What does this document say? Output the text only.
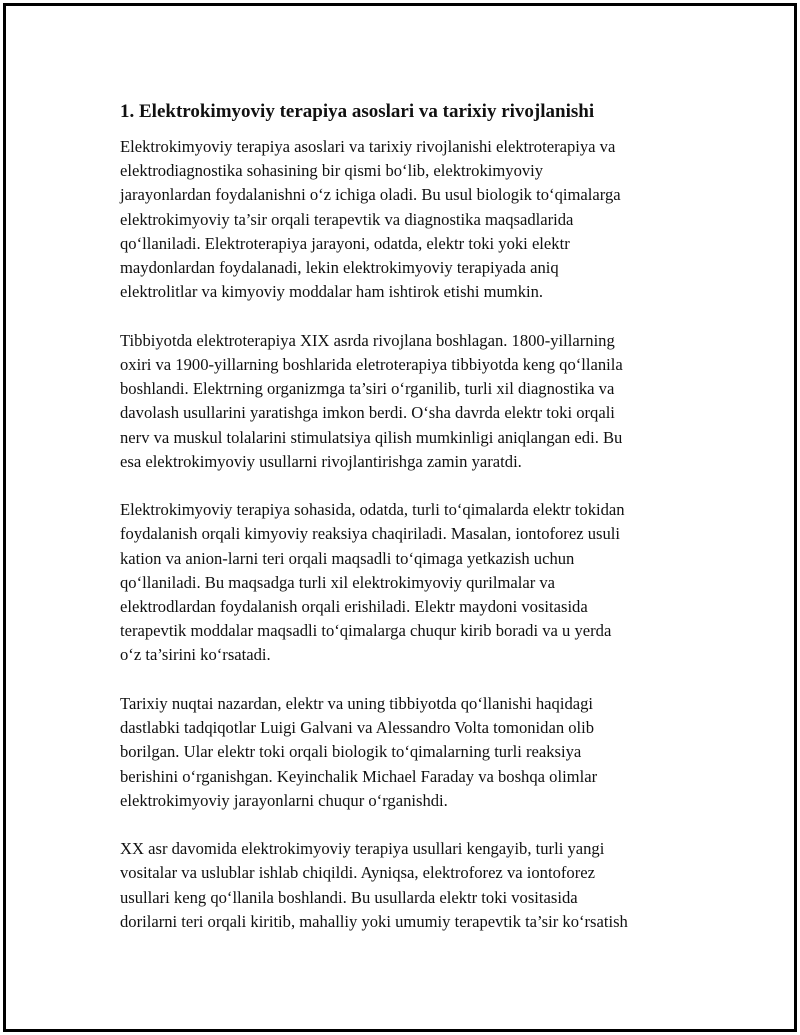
1. Elektrokimyoviy terapiya asoslari va tarixiy rivojlanishi

Elektrokimyoviy terapiya asoslari va tarixiy rivojlanishi elektroterapiya va
elektrodiagnostika sohasining bir qismi bo‘lib, elektrokimyoviy
jarayonlardan foydalanishni o‘z ichiga oladi. Bu usul biologik to‘qimalarga
elektrokimyoviy ta’sir orqali terapevtik va diagnostika maqsadlarida
qo‘llaniladi. Elektroterapiya jarayoni, odatda, elektr toki yoki elektr
maydonlardan foydalanadi, lekin elektrokimyoviy terapiyada aniq
elektrolitlar va kimyoviy moddalar ham ishtirok etishi mumkin.

Tibbiyotda elektroterapiya XIX asrda rivojlana boshlagan. 1800-yillarning
oxiri va 1900-yillarning boshlarida eletroterapiya tibbiyotda keng qo‘llanila
boshlandi. Elektrning organizmga ta’siri o‘rganilib, turli xil diagnostika va
davolash usullarini yaratishga imkon berdi. O‘sha davrda elektr toki orqali
nerv va muskul tolalarini stimulatsiya qilish mumkinligi aniqlangan edi. Bu
esa elektrokimyoviy usullarni rivojlantirishga zamin yaratdi.

Elektrokimyoviy terapiya sohasida, odatda, turli to‘qimalarda elektr tokidan
foydalanish orqali kimyoviy reaksiya chaqiriladi. Masalan, iontoforez usuli
kation va anion-larni teri orqali maqsadli to‘qimaga yetkazish uchun
qo‘llaniladi. Bu maqsadga turli xil elektrokimyoviy qurilmalar va
elektrodlardan foydalanish orqali erishiladi. Elektr maydoni vositasida
terapevtik moddalar maqsadli to‘qimalarga chuqur kirib boradi va u yerda
o‘z ta’sirini ko‘rsatadi.

Tarixiy nuqtai nazardan, elektr va uning tibbiyotda qo‘llanishi haqidagi
dastlabki tadqiqotlar Luigi Galvani va Alessandro Volta tomonidan olib
borilgan. Ular elektr toki orqali biologik to‘qimalarning turli reaksiya
berishini o‘rganishgan. Keyinchalik Michael Faraday va boshqa olimlar
elektrokimyoviy jarayonlarni chuqur o‘rganishdi.

XX asr davomida elektrokimyoviy terapiya usullari kengayib, turli yangi
vositalar va uslublar ishlab chiqildi. Ayniqsa, elektroforez va iontoforez
usullari keng qo‘llanila boshlandi. Bu usullarda elektr toki vositasida
dorilarni teri orqali kiritib, mahalliy yoki umumiy terapevtik ta’sir ko‘rsatish
